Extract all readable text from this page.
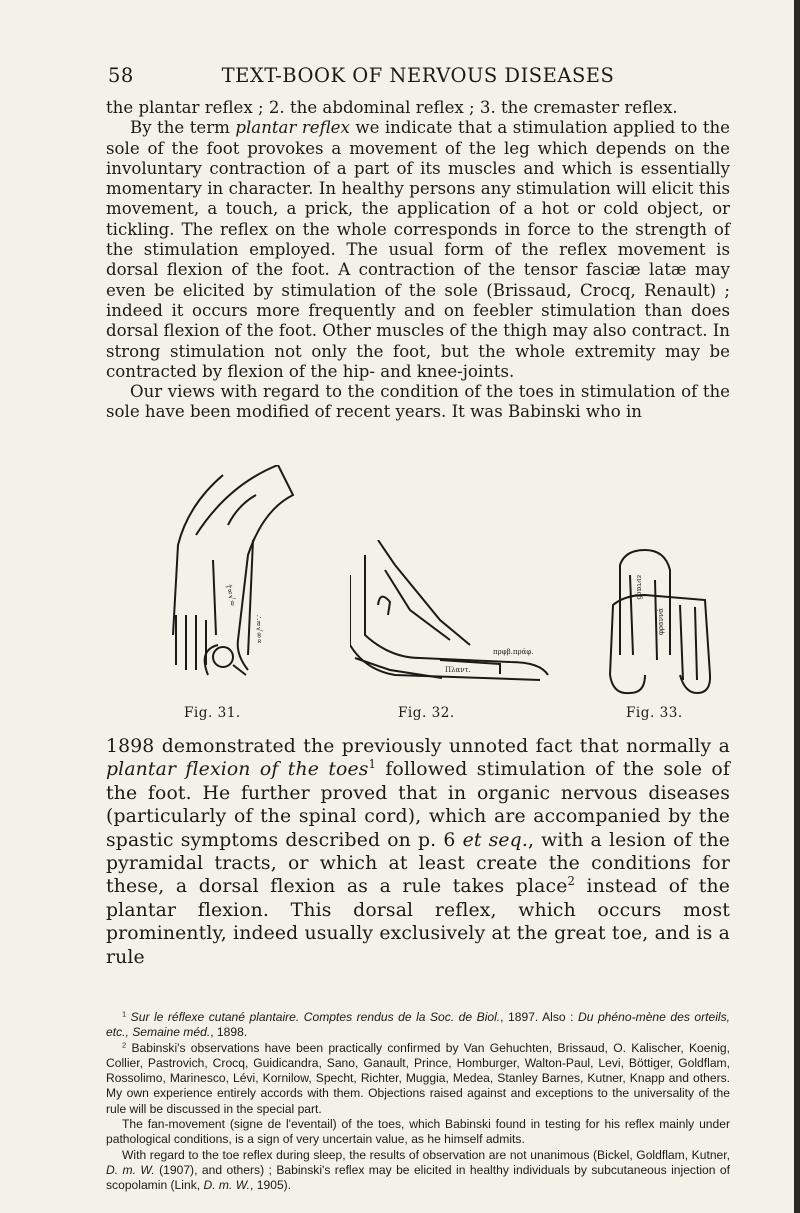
58	TEXT-BOOK OF NERVOUS DISEASES

the plantar reflex ; 2. the abdominal reflex ; 3. the cremaster reflex.

By the term plantar reflex we indicate that a stimulation applied to the sole of the foot provokes a movement of the leg which depends on the involuntary contraction of a part of its muscles and which is essentially momentary in character. In healthy persons any stimulation will elicit this movement, a touch, a prick, the application of a hot or cold object, or tickling. The reflex on the whole corresponds in force to the strength of the stimulation employed. The usual form of the reflex movement is dorsal flexion of the foot. A contraction of the tensor fasciæ latæ may even be elicited by stimulation of the sole (Brissaud, Crocq, Renault) ; indeed it occurs more frequently and on feebler stimulation than does dorsal flexion of the foot. Other muscles of the thigh may also contract. In strong stimulation not only the foot, but the whole extremity may be contracted by flexion of the hip- and knee-joints.

Our views with regard to the condition of the toes in stimulation of the sole have been modified of recent years. It was Babinski who in

†∞√≈
∴≈√∞∝
πρφβ.πράφ.
Πλαντ.
ενταςδ
φραννά
Fig. 31.	Fig. 32.	Fig. 33.
1898 demonstrated the previously unnoted fact that normally a plantar flexion of the toes$^1$ followed stimulation of the sole of the foot. He further proved that in organic nervous diseases (particularly of the spinal cord), which are accompanied by the spastic symptoms described on p. 6 et seq., with a lesion of the pyramidal tracts, or which at least create the conditions for these, a dorsal flexion as a rule takes place$^2$ instead of the plantar flexion. This dorsal reflex, which occurs most prominently, indeed usually exclusively at the great toe, and is a rule

$^1$ Sur le réflexe cutané plantaire. Comptes rendus de la Soc. de Biol., 1897. Also : Du phéno-mène des orteils, etc., Semaine méd., 1898.

$^2$ Babinski's observations have been practically confirmed by Van Gehuchten, Brissaud, O. Kalischer, Koenig, Collier, Pastrovich, Crocq, Guidicandra, Sano, Ganault, Prince, Homburger, Walton-Paul, Levi, Böttiger, Goldflam, Rossolimo, Marinesco, Lévi, Kornilow, Specht, Richter, Muggia, Medea, Stanley Barnes, Kutner, Knapp and others. My own experience entirely accords with them. Objections raised against and exceptions to the universality of the rule will be discussed in the special part.

The fan-movement (signe de l'eventail) of the toes, which Babinski found in testing for his reflex mainly under pathological conditions, is a sign of very uncertain value, as he himself admits.

With regard to the toe reflex during sleep, the results of observation are not unanimous (Bickel, Goldflam, Kutner, D. m. W. (1907), and others) ; Babinski's reflex may be elicited in healthy individuals by subcutaneous injection of scopolamin (Link, D. m. W., 1905).
